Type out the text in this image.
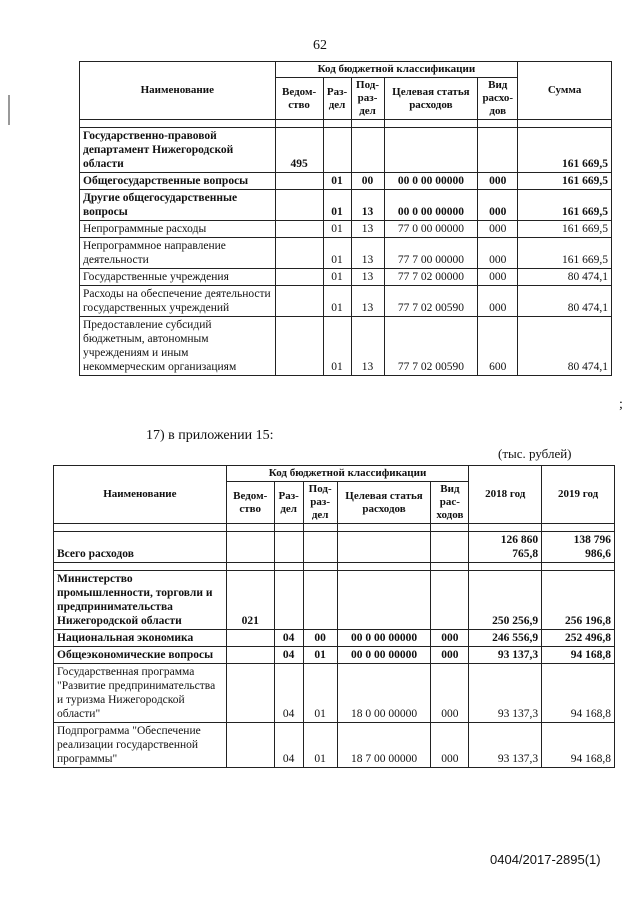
62
Наименование	Код бюджетной классификации					Сумма
	Ведом-ство	Раз-дел	Под-раз-дел	Целевая статья расходов	Вид расхо-дов	

Государственно-правовой департамент Нижегородской области	495					161 669,5
Общегосударственные вопросы		01	00	00 0 00 00000	000	161 669,5
Другие общегосударственные вопросы		01	13	00 0 00 00000	000	161 669,5
Непрограммные расходы		01	13	77 0 00 00000	000	161 669,5
Непрограммное направление деятельности		01	13	77 7 00 00000	000	161 669,5
Государственные учреждения		01	13	77 7 02 00000	000	80 474,1
Расходы на обеспечение деятельности государственных учреждений		01	13	77 7 02 00590	000	80 474,1
Предоставление субсидий бюджетным, автономным учреждениям и иным некоммерческим организациям		01	13	77 7 02 00590	600	80 474,1
;
17) в приложении 15:
(тыс. рублей)
Наименование	Код бюджетной классификации					2018 год	2019 год
	Ведом-ство	Раз-дел	Под-раз-дел	Целевая статья расходов	Вид рас-ходов		

Всего расходов						126 860 765,8	138 796 986,6

Министерство промышленности, торговли и предпринимательства Нижегородской области	021					250 256,9	256 196,8
Национальная экономика		04	00	00 0 00 00000	000	246 556,9	252 496,8
Общеэкономические вопросы		04	01	00 0 00 00000	000	93 137,3	94 168,8
Государственная программа "Развитие предпринимательства и туризма Нижегородской области"		04	01	18 0 00 00000	000	93 137,3	94 168,8
Подпрограмма "Обеспечение реализации государственной программы"		04	01	18 7 00 00000	000	93 137,3	94 168,8
0404/2017-2895(1)
